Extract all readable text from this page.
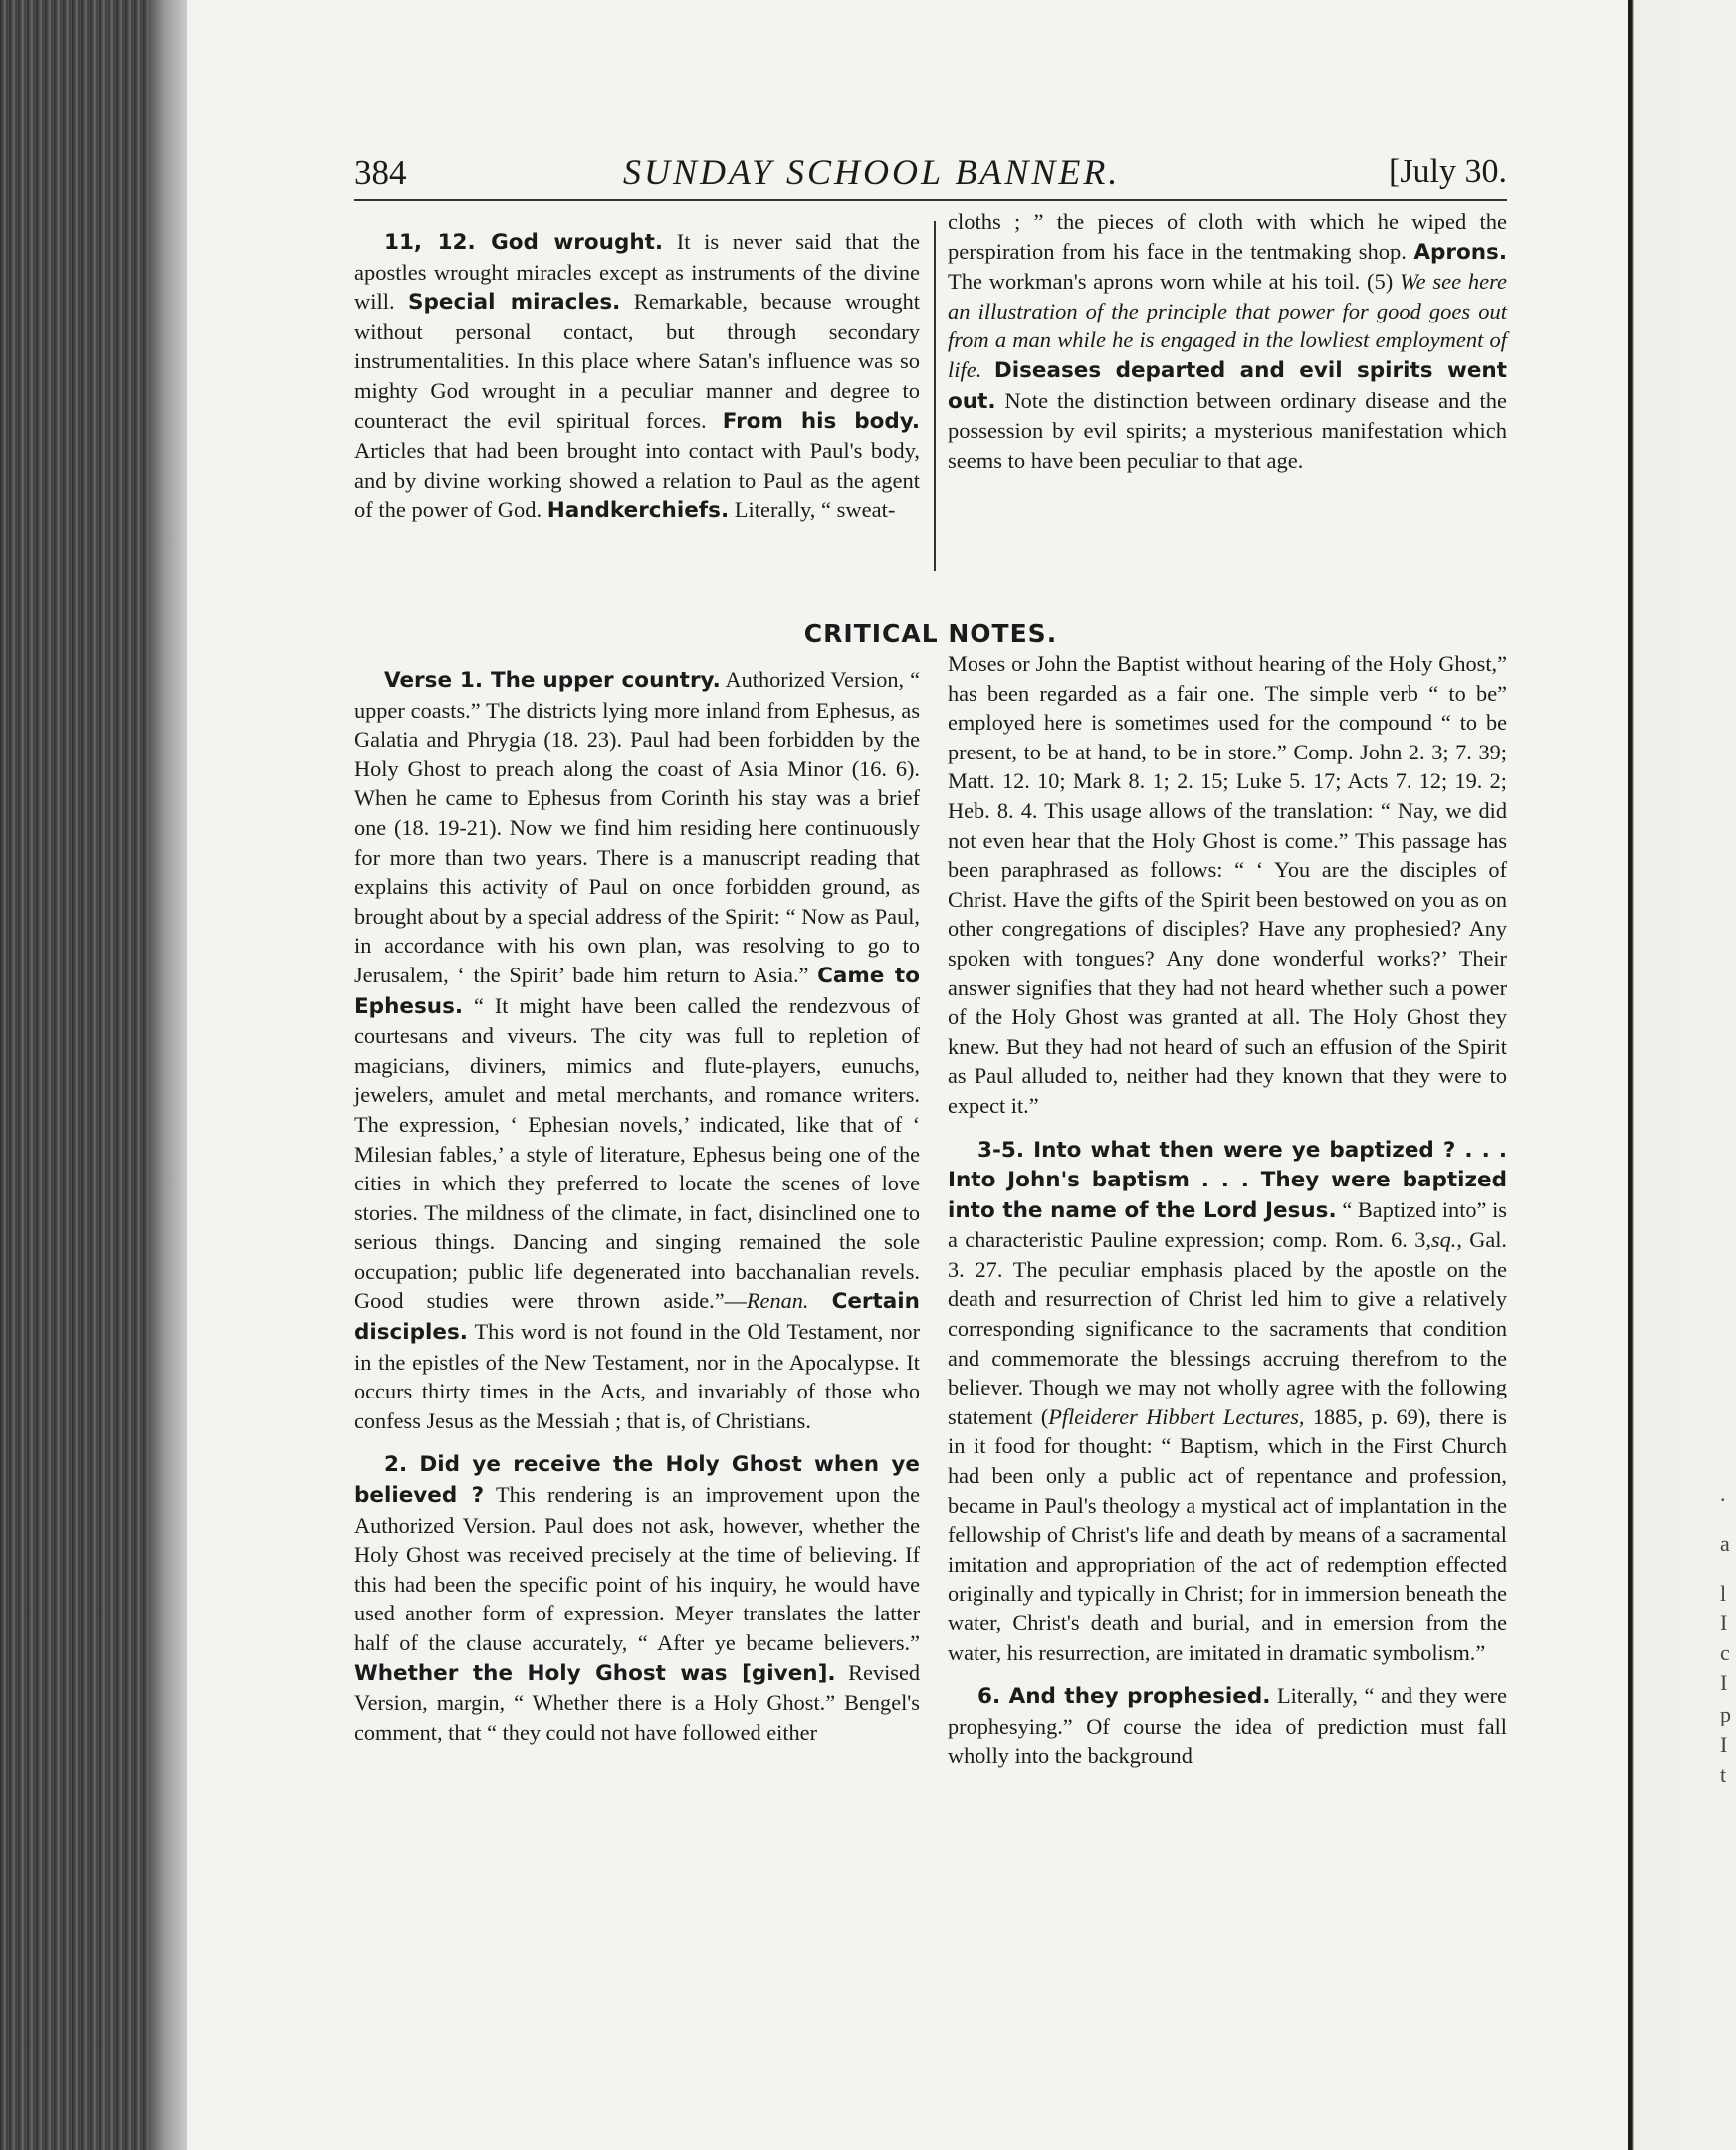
.
a
l
I
c
I
p
I
t
384	SUNDAY SCHOOL BANNER.	[July 30.

11, 12. God wrought. It is never said that the apostles wrought miracles except as instruments of the divine will. Special miracles. Remarkable, because wrought without personal contact, but through secondary instrumentalities. In this place where Satan's influence was so mighty God wrought in a peculiar manner and degree to counteract the evil spiritual forces. From his body. Articles that had been brought into contact with Paul's body, and by divine working showed a relation to Paul as the agent of the power of God. Handkerchiefs. Literally, “ sweat-

cloths ; ” the pieces of cloth with which he wiped the perspiration from his face in the tentmaking shop. Aprons. The workman's aprons worn while at his toil. (5) We see here an illustration of the principle that power for good goes out from a man while he is engaged in the lowliest employment of life. Diseases departed and evil spirits went out. Note the distinction between ordinary disease and the possession by evil spirits; a mysterious manifestation which seems to have been peculiar to that age.

CRITICAL NOTES.

Verse 1. The upper country. Authorized Version, “ upper coasts.” The districts lying more inland from Ephesus, as Galatia and Phrygia (18. 23). Paul had been forbidden by the Holy Ghost to preach along the coast of Asia Minor (16. 6). When he came to Ephesus from Corinth his stay was a brief one (18. 19-21). Now we find him residing here continuously for more than two years. There is a manuscript reading that explains this activity of Paul on once forbidden ground, as brought about by a special address of the Spirit: “ Now as Paul, in accordance with his own plan, was resolving to go to Jerusalem, ‘ the Spirit’ bade him return to Asia.” Came to Ephesus. “ It might have been called the rendezvous of courtesans and viveurs. The city was full to repletion of magicians, diviners, mimics and flute-players, eunuchs, jewelers, amulet and metal merchants, and romance writers. The expression, ‘ Ephesian novels,’ indicated, like that of ‘ Milesian fables,’ a style of literature, Ephesus being one of the cities in which they preferred to locate the scenes of love stories. The mildness of the climate, in fact, disinclined one to serious things. Dancing and singing remained the sole occupation; public life degenerated into bacchanalian revels. Good studies were thrown aside.”—Renan. Certain disciples. This word is not found in the Old Testament, nor in the epistles of the New Testament, nor in the Apocalypse. It occurs thirty times in the Acts, and invariably of those who confess Jesus as the Messiah ; that is, of Christians.

2. Did ye receive the Holy Ghost when ye believed ? This rendering is an improvement upon the Authorized Version. Paul does not ask, however, whether the Holy Ghost was received precisely at the time of believing. If this had been the specific point of his inquiry, he would have used another form of expression. Meyer translates the latter half of the clause accurately, “ After ye became believers.” Whether the Holy Ghost was [given]. Revised Version, margin, “ Whether there is a Holy Ghost.” Bengel's comment, that “ they could not have followed either

Moses or John the Baptist without hearing of the Holy Ghost,” has been regarded as a fair one. The simple verb “ to be” employed here is sometimes used for the compound “ to be present, to be at hand, to be in store.” Comp. John 2. 3; 7. 39; Matt. 12. 10; Mark 8. 1; 2. 15; Luke 5. 17; Acts 7. 12; 19. 2; Heb. 8. 4. This usage allows of the translation: “ Nay, we did not even hear that the Holy Ghost is come.” This passage has been paraphrased as follows: “ ‘ You are the disciples of Christ. Have the gifts of the Spirit been bestowed on you as on other congregations of disciples? Have any prophesied? Any spoken with tongues? Any done wonderful works?’ Their answer signifies that they had not heard whether such a power of the Holy Ghost was granted at all. The Holy Ghost they knew. But they had not heard of such an effusion of the Spirit as Paul alluded to, neither had they known that they were to expect it.”

3-5. Into what then were ye baptized ? . . . Into John's baptism . . . They were baptized into the name of the Lord Jesus. “ Baptized into” is a characteristic Pauline expression; comp. Rom. 6. 3,sq., Gal. 3. 27. The peculiar emphasis placed by the apostle on the death and resurrection of Christ led him to give a relatively corresponding significance to the sacraments that condition and commemorate the blessings accruing therefrom to the believer. Though we may not wholly agree with the following statement (Pfleiderer Hibbert Lectures, 1885, p. 69), there is in it food for thought: “ Baptism, which in the First Church had been only a public act of repentance and profession, became in Paul's theology a mystical act of implantation in the fellowship of Christ's life and death by means of a sacramental imitation and appropriation of the act of redemption effected originally and typically in Christ; for in immersion beneath the water, Christ's death and burial, and in emersion from the water, his resurrection, are imitated in dramatic symbolism.”

6. And they prophesied. Literally, “ and they were prophesying.” Of course the idea of prediction must fall wholly into the background
